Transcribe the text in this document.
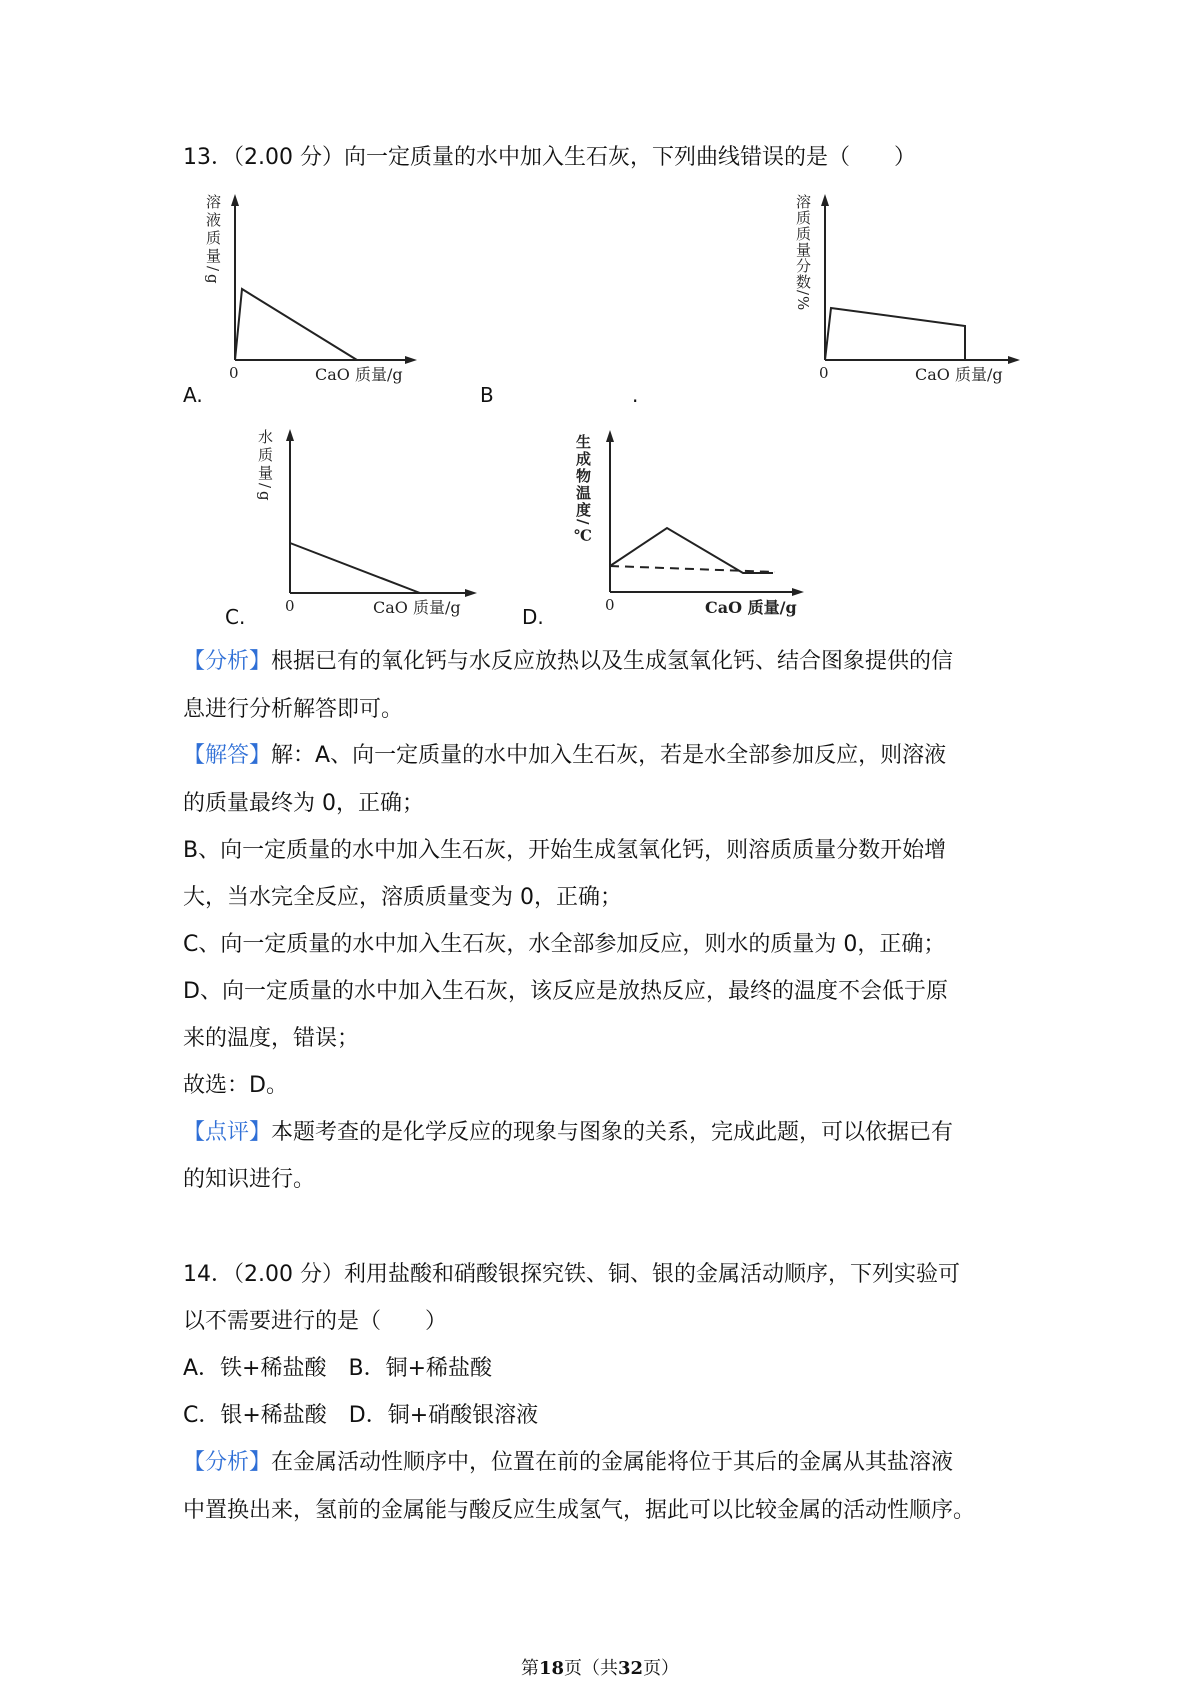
13．（2.00 分）向一定质量的水中加入生石灰，下列曲线错误的是（　　）
溶液质量/g
0	CaO 质量/g
A.
溶质质量分数/%
0	CaO 质量/g
B	.
水质量/g
0	CaO 质量/g
C.
生成物温度/℃
0	CaO 质量/g
D.
【分析】根据已有的氧化钙与水反应放热以及生成氢氧化钙、结合图象提供的信
息进行分析解答即可。
【解答】解：A、向一定质量的水中加入生石灰，若是水全部参加反应，则溶液
的质量最终为 0，正确；
B、向一定质量的水中加入生石灰，开始生成氢氧化钙，则溶质质量分数开始增
大，当水完全反应，溶质质量变为 0，正确；
C、向一定质量的水中加入生石灰，水全部参加反应，则水的质量为 0，正确；
D、向一定质量的水中加入生石灰，该反应是放热反应，最终的温度不会低于原
来的温度，错误；
故选：D。
【点评】本题考查的是化学反应的现象与图象的关系，完成此题，可以依据已有
的知识进行。
14．（2.00 分）利用盐酸和硝酸银探究铁、铜、银的金属活动顺序，下列实验可
以不需要进行的是（　　）
A．铁+稀盐酸　B．铜+稀盐酸
C．银+稀盐酸　D．铜+硝酸银溶液
【分析】在金属活动性顺序中，位置在前的金属能将位于其后的金属从其盐溶液
中置换出来，氢前的金属能与酸反应生成氢气，据此可以比较金属的活动性顺序。
第18页（共32页）
